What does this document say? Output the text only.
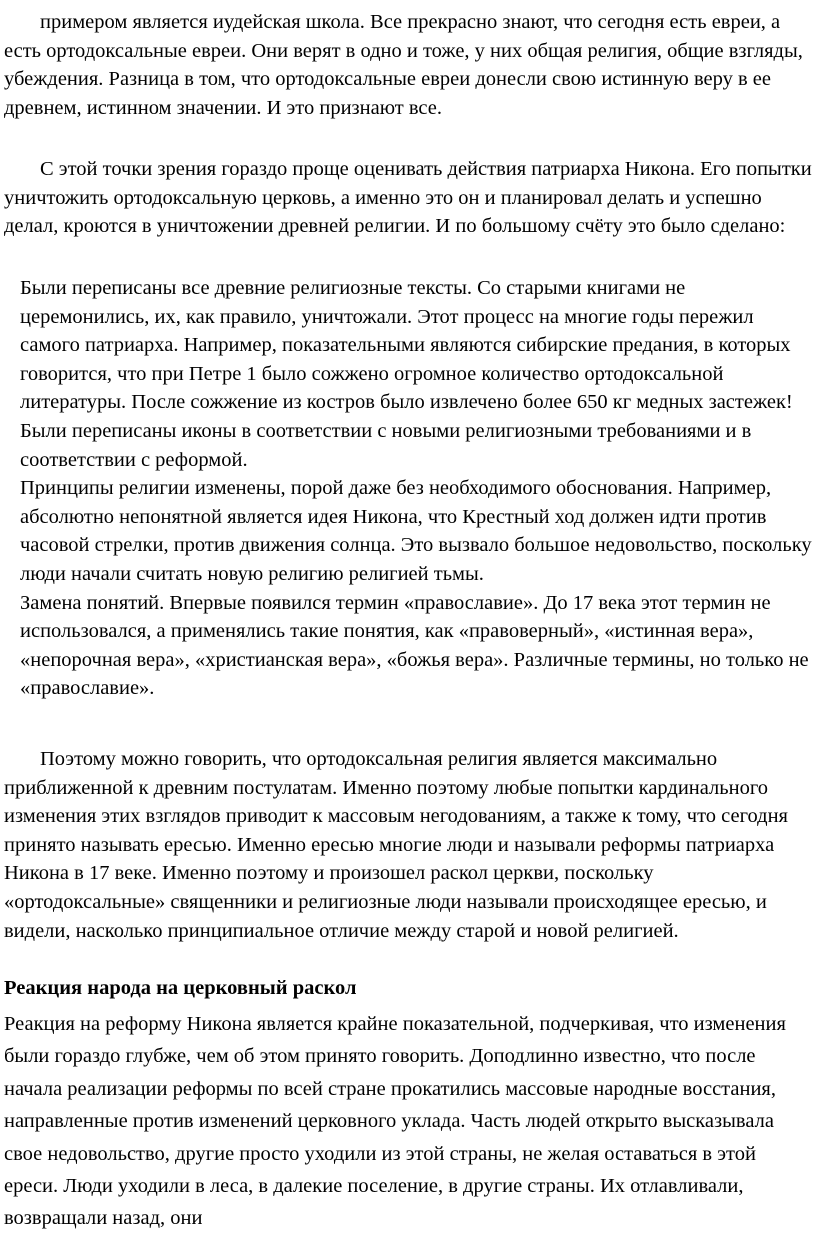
примером является иудейская школа. Все прекрасно знают, что сегодня есть евреи, а есть ортодоксальные евреи. Они верят в одно и тоже, у них общая религия, общие взгляды, убеждения. Разница в том, что ортодоксальные евреи донесли свою истинную веру в ее древнем, истинном значении. И это признают все.

С этой точки зрения гораздо проще оценивать действия патриарха Никона. Его попытки уничтожить ортодоксальную церковь, а именно это он и планировал делать и успешно делал, кроются в уничтожении древней религии. И по большому счёту это было сделано:

Были переписаны все древние религиозные тексты. Со старыми книгами не церемонились, их, как правило, уничтожали. Этот процесс на многие годы пережил самого патриарха. Например, показательными являются сибирские предания, в которых говорится, что при Петре 1 было сожжено огромное количество ортодоксальной литературы. После сожжение из костров было извлечено более 650 кг медных застежек!
Были переписаны иконы в соответствии с новыми религиозными требованиями и в соответствии с реформой.
Принципы религии изменены, порой даже без необходимого обоснования. Например, абсолютно непонятной является идея Никона, что Крестный ход должен идти против часовой стрелки, против движения солнца. Это вызвало большое недовольство, поскольку люди начали считать новую религию религией тьмы.
Замена понятий. Впервые появился термин «православие». До 17 века этот термин не использовался, а применялись такие понятия, как «правоверный», «истинная вера», «непорочная вера», «христианская вера», «божья вера». Различные термины, но только не «православие».

Поэтому можно говорить, что ортодоксальная религия является максимально приближенной к древним постулатам. Именно поэтому любые попытки кардинального изменения этих взглядов приводит к массовым негодованиям, а также к тому, что сегодня принято называть ересью. Именно ересью многие люди и называли реформы патриарха Никона в 17 веке. Именно поэтому и произошел раскол церкви, поскольку «ортодоксальные» священники и религиозные люди называли происходящее ересью, и видели, насколько принципиальное отличие между старой и новой религией.

Реакция народа на церковный раскол

Реакция на реформу Никона является крайне показательной, подчеркивая, что изменения были гораздо глубже, чем об этом принято говорить. Доподлинно известно, что после начала реализации реформы по всей стране прокатились массовые народные восстания, направленные против изменений церковного уклада. Часть людей открыто высказывала свое недовольство, другие просто уходили из этой страны, не желая оставаться в этой ереси. Люди уходили в леса, в далекие поселение, в другие страны. Их отлавливали, возвращали назад, они
